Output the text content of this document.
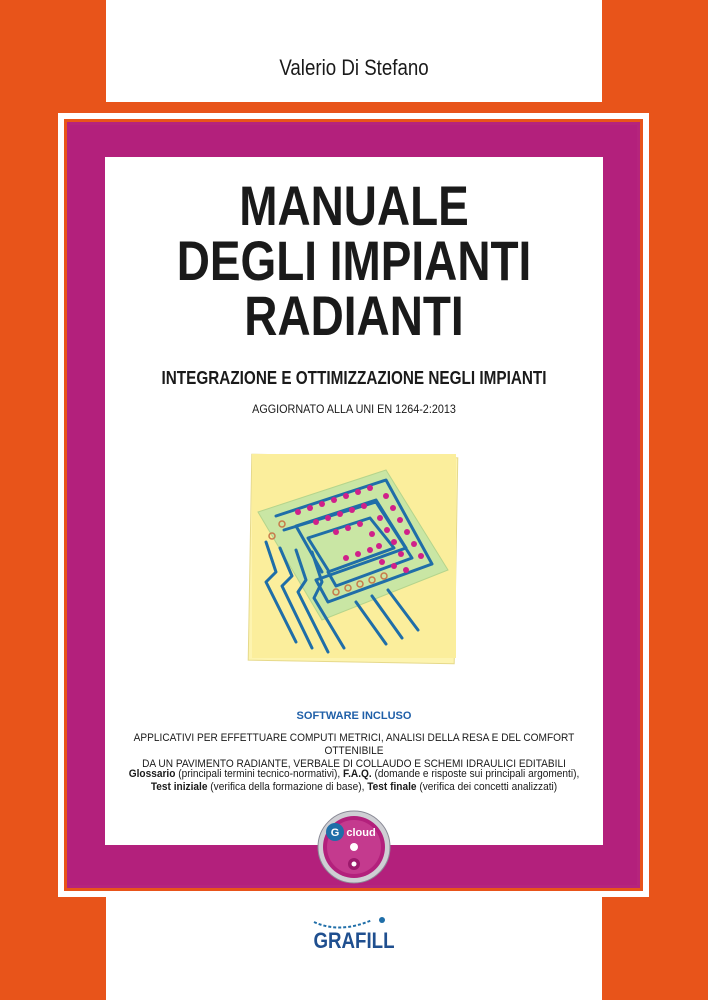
Valerio Di Stefano
MANUALE
DEGLI IMPIANTI
RADIANTI
INTEGRAZIONE E OTTIMIZZAZIONE NEGLI IMPIANTI
AGGIORNATO ALLA UNI EN 1264-2:2013
SOFTWARE INCLUSO
APPLICATIVI PER EFFETTUARE COMPUTI METRICI, ANALISI DELLA RESA E DEL COMFORT OTTENIBILE
DA UN PAVIMENTO RADIANTE, VERBALE DI COLLAUDO E SCHEMI IDRAULICI EDITABILI
Glossario (principali termini tecnico-normativi), F.A.Q. (domande e risposte sui principali argomenti),
Test iniziale (verifica della formazione di base), Test finale (verifica dei concetti analizzati)
G cloud
GRAFILL
